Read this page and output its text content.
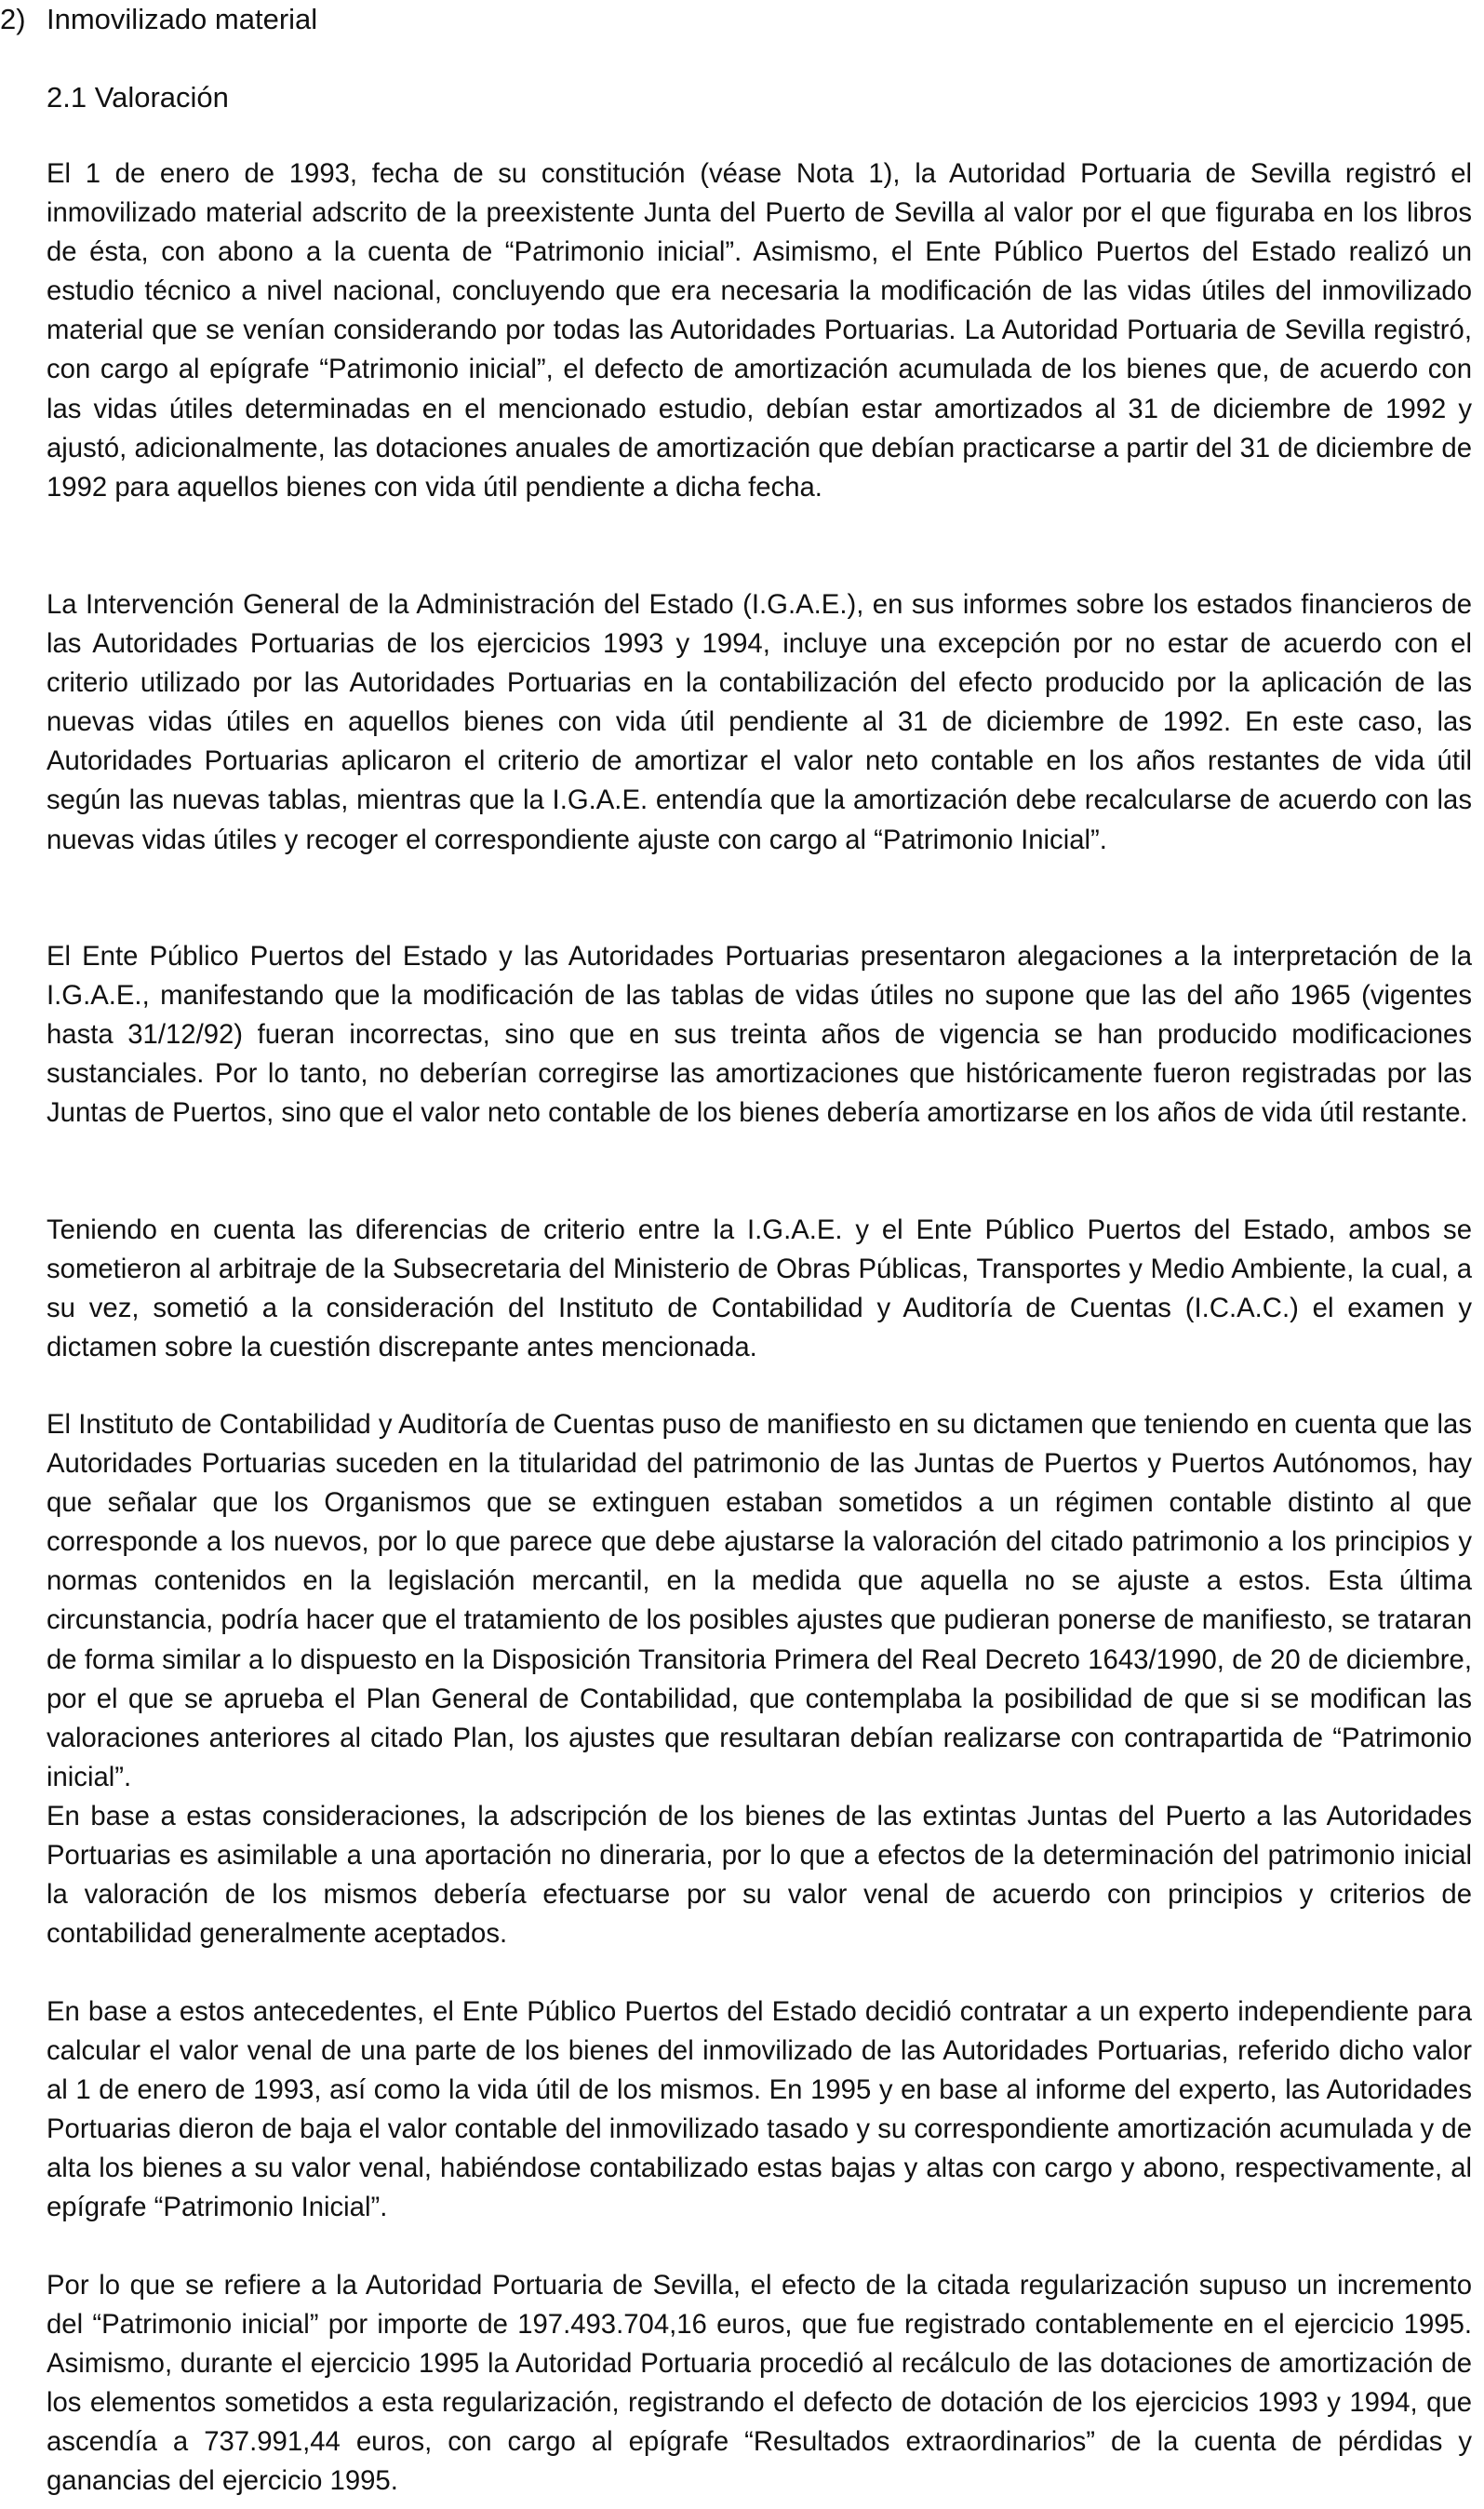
2) Inmovilizado material
2.1 Valoración

El 1 de enero de 1993, fecha de su constitución (véase Nota 1), la Autoridad Portuaria de Sevilla registró el inmovilizado material adscrito de la preexistente Junta del Puerto de Sevilla al valor por el que figuraba en los libros de ésta, con abono a la cuenta de “Patrimonio inicial”. Asimismo, el Ente Público Puertos del Estado realizó un estudio técnico a nivel nacional, concluyendo que era necesaria la modificación de las vidas útiles del inmovilizado material que se venían considerando por todas las Autoridades Portuarias. La Autoridad Portuaria de Sevilla registró, con cargo al epígrafe “Patrimonio inicial”, el defecto de amortización acumulada de los bienes que, de acuerdo con las vidas útiles determinadas en el mencionado estudio, debían estar amortizados al 31 de diciembre de 1992 y ajustó, adicionalmente, las dotaciones anuales de amortización que debían practicarse a partir del 31 de diciembre de 1992 para aquellos bienes con vida útil pendiente a dicha fecha.

La Intervención General de la Administración del Estado (I.G.A.E.), en sus informes sobre los estados financieros de las Autoridades Portuarias de los ejercicios 1993 y 1994, incluye una excepción por no estar de acuerdo con el criterio utilizado por las Autoridades Portuarias en la contabilización del efecto producido por la aplicación de las nuevas vidas útiles en aquellos bienes con vida útil pendiente al 31 de diciembre de 1992. En este caso, las Autoridades Portuarias aplicaron el criterio de amortizar el valor neto contable en los años restantes de vida útil según las nuevas tablas, mientras que la I.G.A.E. entendía que la amortización debe recalcularse de acuerdo con las nuevas vidas útiles y recoger el correspondiente ajuste con cargo al “Patrimonio Inicial”.

El Ente Público Puertos del Estado y las Autoridades Portuarias presentaron alegaciones a la interpretación de la I.G.A.E., manifestando que la modificación de las tablas de vidas útiles no supone que las del año 1965 (vigentes hasta 31/12/92) fueran incorrectas, sino que en sus treinta años de vigencia se han producido modificaciones sustanciales. Por lo tanto, no deberían corregirse las amortizaciones que históricamente fueron registradas por las Juntas de Puertos, sino que el valor neto contable de los bienes debería amortizarse en los años de vida útil restante.

Teniendo en cuenta las diferencias de criterio entre la I.G.A.E. y el Ente Público Puertos del Estado, ambos se sometieron al arbitraje de la Subsecretaria del Ministerio de Obras Públicas, Transportes y Medio Ambiente, la cual, a su vez, sometió a la consideración del Instituto de Contabilidad y Auditoría de Cuentas (I.C.A.C.) el examen y dictamen sobre la cuestión discrepante antes mencionada.

El Instituto de Contabilidad y Auditoría de Cuentas puso de manifiesto en su dictamen que teniendo en cuenta que las Autoridades Portuarias suceden en la titularidad del patrimonio de las Juntas de Puertos y Puertos Autónomos, hay que señalar que los Organismos que se extinguen estaban sometidos a un régimen contable distinto al que corresponde a los nuevos, por lo que parece que debe ajustarse la valoración del citado patrimonio a los principios y normas contenidos en la legislación mercantil, en la medida que aquella no se ajuste a estos. Esta última circunstancia, podría hacer que el tratamiento de los posibles ajustes que pudieran ponerse de manifiesto, se trataran de forma similar a lo dispuesto en la Disposición Transitoria Primera del Real Decreto 1643/1990, de 20 de diciembre, por el que se aprueba el Plan General de Contabilidad, que contemplaba la posibilidad de que si se modifican las valoraciones anteriores al citado Plan, los ajustes que resultaran debían realizarse con contrapartida de “Patrimonio inicial”.

En base a estas consideraciones, la adscripción de los bienes de las extintas Juntas del Puerto a las Autoridades Portuarias es asimilable a una aportación no dineraria, por lo que a efectos de la determinación del patrimonio inicial la valoración de los mismos debería efectuarse por su valor venal de acuerdo con principios y criterios de contabilidad generalmente aceptados.

En base a estos antecedentes, el Ente Público Puertos del Estado decidió contratar a un experto independiente para calcular el valor venal de una parte de los bienes del inmovilizado de las Autoridades Portuarias, referido dicho valor al 1 de enero de 1993, así como la vida útil de los mismos. En 1995 y en base al informe del experto, las Autoridades Portuarias dieron de baja el valor contable del inmovilizado tasado y su correspondiente amortización acumulada y de alta los bienes a su valor venal, habiéndose contabilizado estas bajas y altas con cargo y abono, respectivamente, al epígrafe “Patrimonio Inicial”.

Por lo que se refiere a la Autoridad Portuaria de Sevilla, el efecto de la citada regularización supuso un incremento del “Patrimonio inicial” por importe de 197.493.704,16 euros, que fue registrado contablemente en el ejercicio 1995. Asimismo, durante el ejercicio 1995 la Autoridad Portuaria procedió al recálculo de las dotaciones de amortización de los elementos sometidos a esta regularización, registrando el defecto de dotación de los ejercicios 1993 y 1994, que ascendía a 737.991,44 euros, con cargo al epígrafe “Resultados extraordinarios” de la cuenta de pérdidas y ganancias del ejercicio 1995.
